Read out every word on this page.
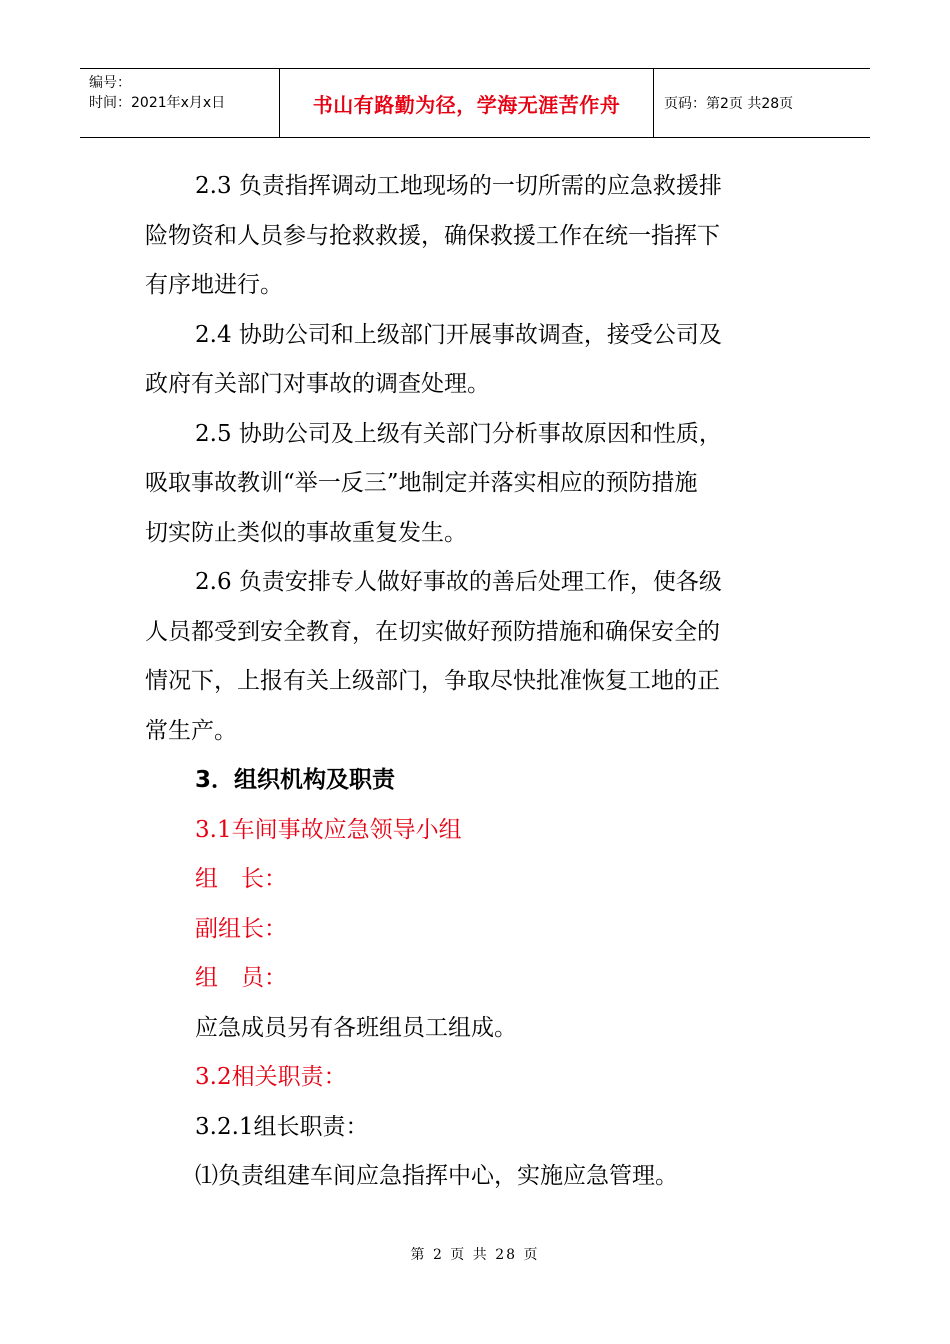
编号：
时间：2021年x月x日	书山有路勤为径，学海无涯苦作舟	页码：第2页 共28页
2.3 负责指挥调动工地现场的一切所需的应急救援排
险物资和人员参与抢救救援，确保救援工作在统一指挥下
有序地进行。
2.4 协助公司和上级部门开展事故调查，接受公司及
政府有关部门对事故的调查处理。
2.5 协助公司及上级有关部门分析事故原因和性质，
吸取事故教训“举一反三”地制定并落实相应的预防措施
切实防止类似的事故重复发生。
2.6 负责安排专人做好事故的善后处理工作，使各级
人员都受到安全教育，在切实做好预防措施和确保安全的
情况下，上报有关上级部门，争取尽快批准恢复工地的正
常生产。
3．组织机构及职责
3.1车间事故应急领导小组
组　长：
副组长：
组　员：
应急成员另有各班组员工组成。
3.2相关职责：
3.2.1组长职责：
⑴负责组建车间应急指挥中心，实施应急管理。
第 2 页 共 28 页
